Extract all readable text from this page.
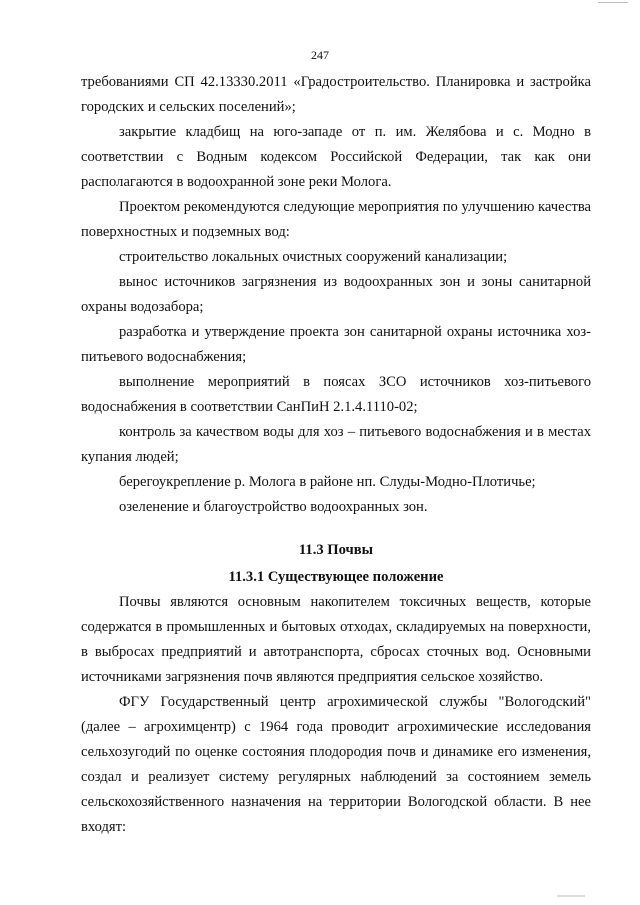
247

требованиями СП 42.13330.2011 «Градостроительство. Планировка и застройка городских и сельских поселений»;

закрытие кладбищ на юго-западе от п. им. Желябова и с. Модно в соответствии с Водным кодексом Российской Федерации, так как они располагаются в водоохранной зоне реки Молога.

Проектом рекомендуются следующие мероприятия по улучшению качества поверхностных и подземных вод:

строительство локальных очистных сооружений канализации;

вынос источников загрязнения из водоохранных зон и зоны санитарной охраны водозабора;

разработка и утверждение проекта зон санитарной охраны источника хоз-питьевого водоснабжения;

выполнение мероприятий в поясах ЗСО источников хоз-питьевого водоснабжения в соответствии СанПиН 2.1.4.1110-02;

контроль за качеством воды для хоз – питьевого водоснабжения и в местах купания людей;

берегоукрепление р. Молога в районе нп. Слуды-Модно-Плотичье;

озеленение и благоустройство водоохранных зон.

11.3 Почвы

11.3.1 Существующее положение

Почвы являются основным накопителем токсичных веществ, которые содержатся в промышленных и бытовых отходах, складируемых на поверхности, в выбросах предприятий и автотранспорта, сбросах сточных вод. Основными источниками загрязнения почв являются предприятия сельское хозяйство.

ФГУ Государственный центр агрохимической службы "Вологодский" (далее – агрохимцентр) с 1964 года проводит агрохимические исследования сельхозугодий по оценке состояния плодородия почв и динамике его изменения, создал и реализует систему регулярных наблюдений за состоянием земель сельскохозяйственного назначения на территории Вологодской области. В нее входят:
